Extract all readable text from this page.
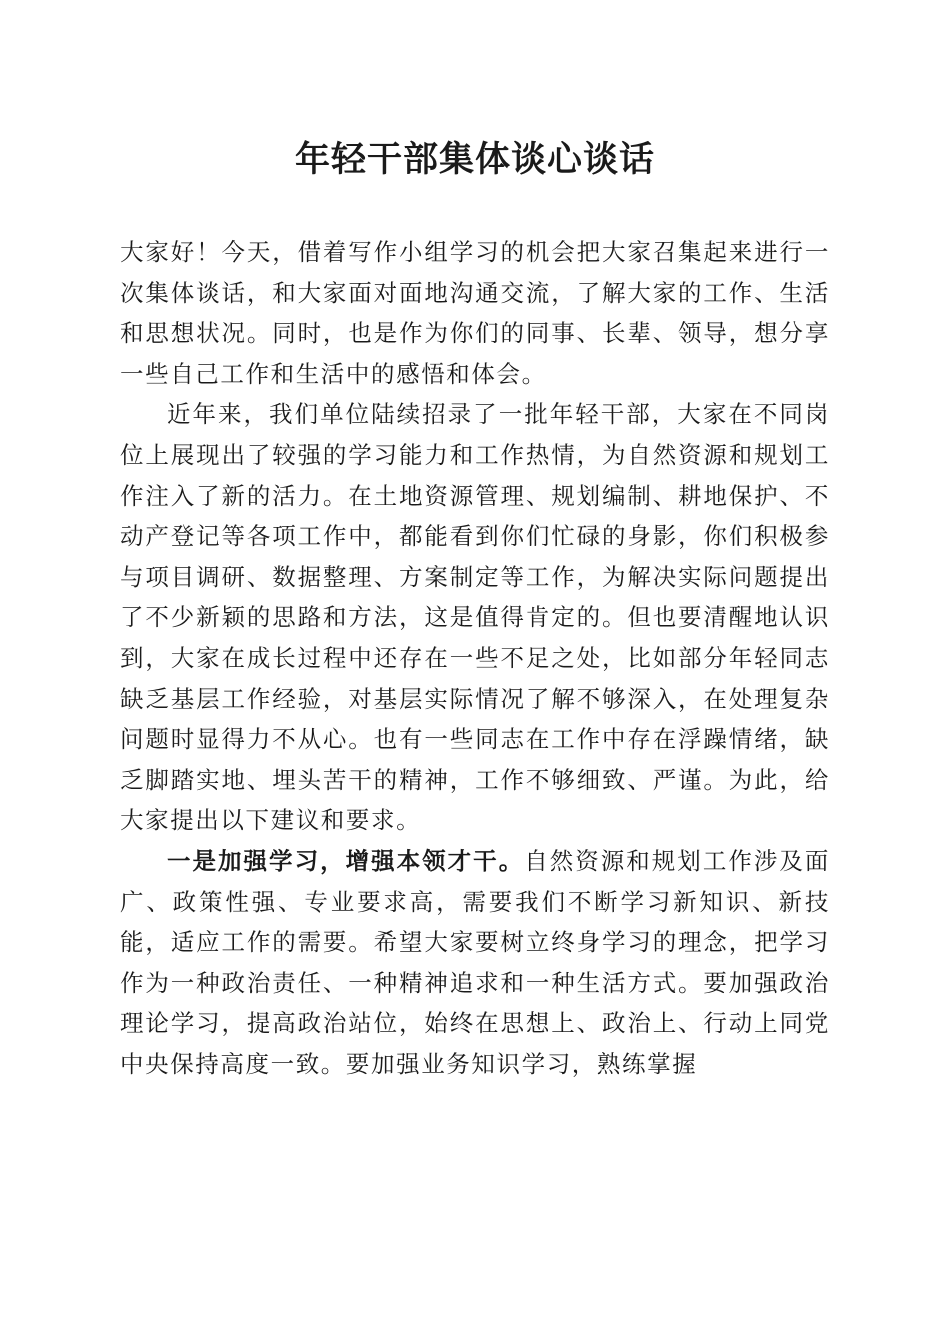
年轻干部集体谈心谈话

大家好！今天，借着写作小组学习的机会把大家召集起来进行一次集体谈话，和大家面对面地沟通交流，了解大家的工作、生活和思想状况。同时，也是作为你们的同事、长辈、领导，想分享一些自己工作和生活中的感悟和体会。

近年来，我们单位陆续招录了一批年轻干部，大家在不同岗位上展现出了较强的学习能力和工作热情，为自然资源和规划工作注入了新的活力。在土地资源管理、规划编制、耕地保护、不动产登记等各项工作中，都能看到你们忙碌的身影，你们积极参与项目调研、数据整理、方案制定等工作，为解决实际问题提出了不少新颖的思路和方法，这是值得肯定的。但也要清醒地认识到，大家在成长过程中还存在一些不足之处，比如部分年轻同志缺乏基层工作经验，对基层实际情况了解不够深入，在处理复杂问题时显得力不从心。也有一些同志在工作中存在浮躁情绪，缺乏脚踏实地、埋头苦干的精神，工作不够细致、严谨。为此，给大家提出以下建议和要求。

一是加强学习，增强本领才干。自然资源和规划工作涉及面广、政策性强、专业要求高，需要我们不断学习新知识、新技能，适应工作的需要。希望大家要树立终身学习的理念，把学习作为一种政治责任、一种精神追求和一种生活方式。要加强政治理论学习，提高政治站位，始终在思想上、政治上、行动上同党中央保持高度一致。要加强业务知识学习，熟练掌握
